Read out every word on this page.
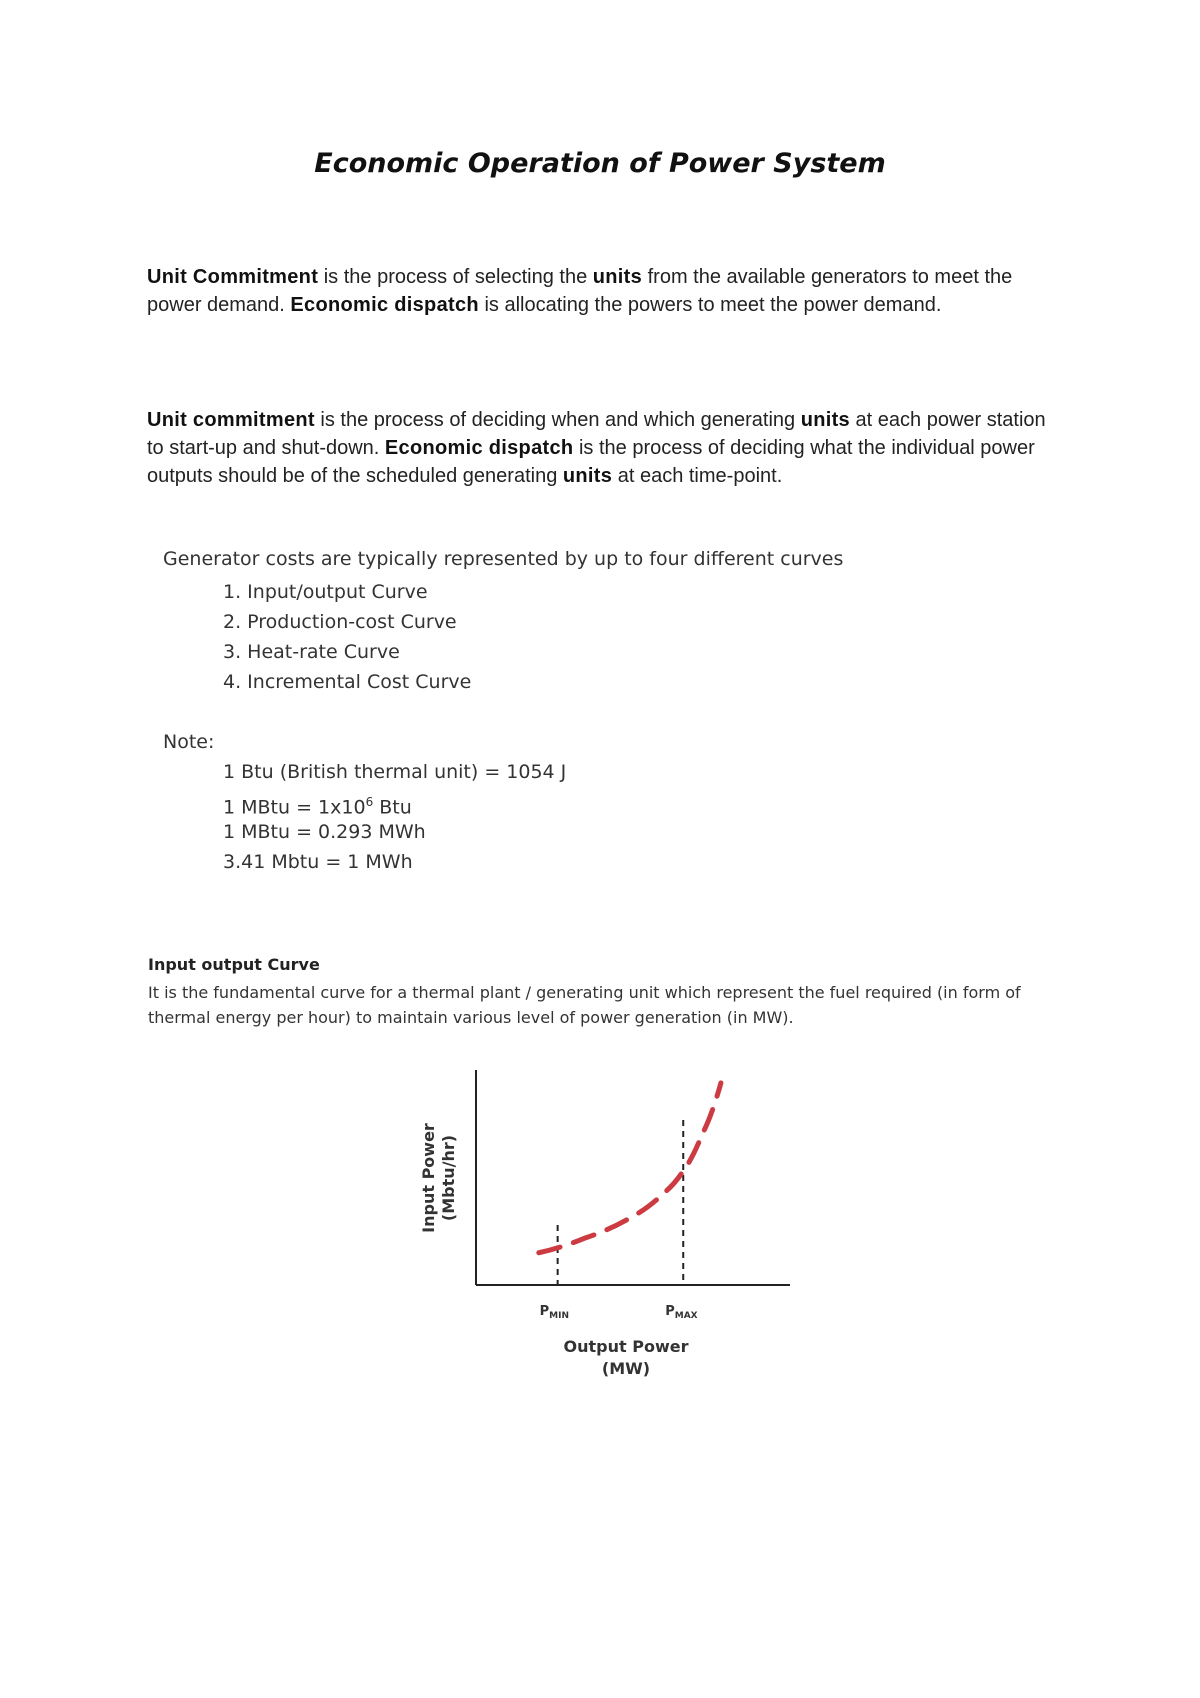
Economic Operation of Power System

Unit Commitment is the process of selecting the units from the available generators to meet the power demand. Economic dispatch is allocating the powers to meet the power demand.

Unit commitment is the process of deciding when and which generating units at each power station to start-up and shut-down. Economic dispatch is the process of deciding what the individual power outputs should be of the scheduled generating units at each time-point.

Generator costs are typically represented by up to four different curves

1. Input/output Curve
2. Production-cost Curve
3. Heat-rate Curve
4. Incremental Cost Curve

Note:

1 Btu (British thermal unit) = 1054 J
1 MBtu = $1x10^6$ Btu
1 MBtu = 0.293 MWh
3.41 Mbtu = 1 MWh

Input output Curve

It is the fundamental curve for a thermal plant / generating unit which represent the fuel required (in form of thermal energy per hour) to maintain various level of power generation (in MW).

Input Power (Mbtu/hr)
Output Power
(MW)
$P_{MIN}$	$P_{MAX}$
